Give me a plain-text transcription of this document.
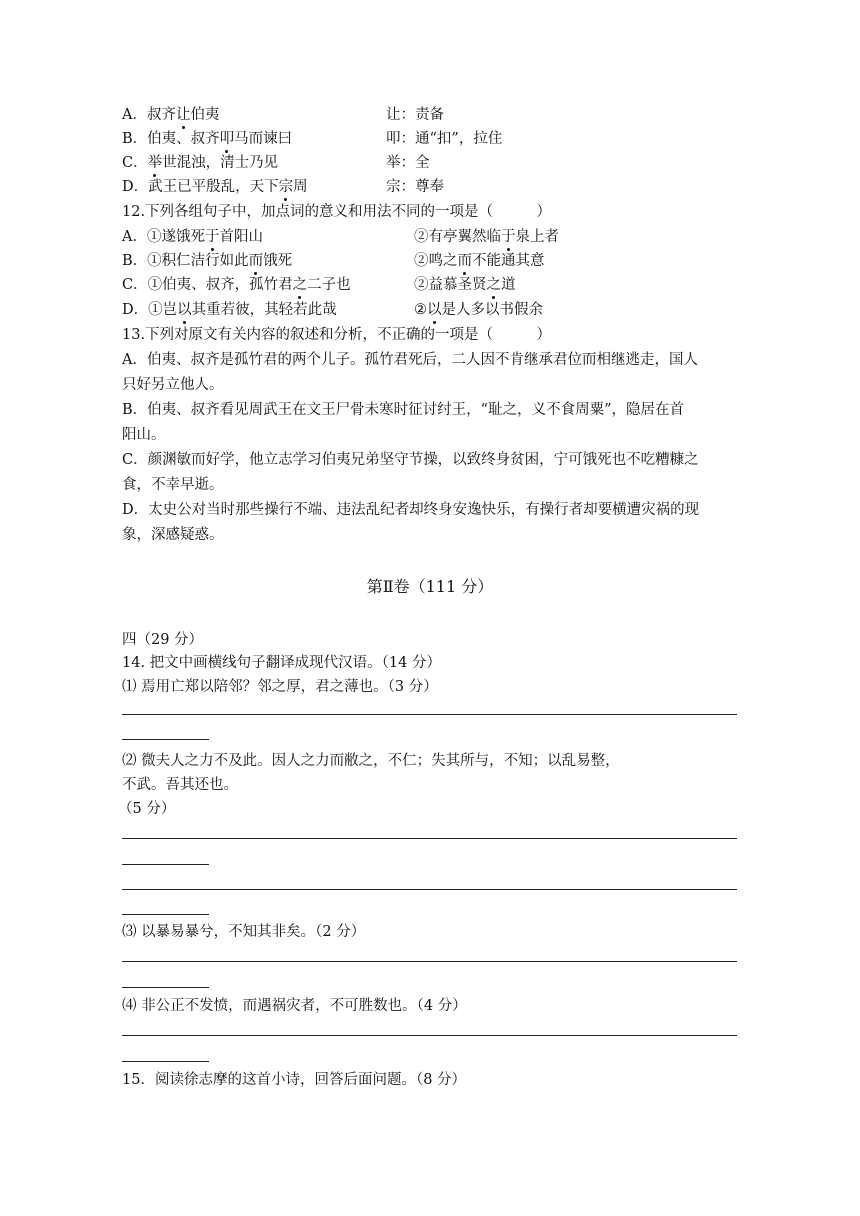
A．叔齐让伯夷	让：责备
B．伯夷、叔齐叩马而谏曰	叩：通“扣”，拉住
C．举世混浊，清士乃见	举：全
D．武王已平殷乱，天下宗周	宗：尊奉
12.下列各组句子中，加点词的意义和用法不同的一项是（　　　）
A．①遂饿死于首阳山	②有亭翼然临于泉上者
B．①积仁洁行如此而饿死	②鸣之而不能通其意
C．①伯夷、叔齐，孤竹君之二子也	②益慕圣贤之道
D．①岂以其重若彼，其轻若此哉	②以是人多以书假余
13.下列对原文有关内容的叙述和分析，不正确的一项是（　　　）
A．伯夷、叔齐是孤竹君的两个儿子。孤竹君死后，二人因不肯继承君位而相继逃走，国人
只好另立他人。
B．伯夷、叔齐看见周武王在文王尸骨未寒时征讨纣王，“耻之，义不食周粟”，隐居在首
阳山。
C．颜渊敏而好学，他立志学习伯夷兄弟坚守节操，以致终身贫困，宁可饿死也不吃糟糠之
食，不幸早逝。
D．太史公对当时那些操行不端、违法乱纪者却终身安逸快乐，有操行者却要横遭灾祸的现
象，深感疑惑。
第Ⅱ卷（111 分）
四（29 分）
14. 把文中画横线句子翻译成现代汉语。（14 分）
⑴ 焉用亡郑以陪邻？邻之厚，君之薄也。（3 分）
⑵ 微夫人之力不及此。因人之力而敝之，不仁；失其所与，不知；以乱易整，
不武。吾其还也。
（5 分）
⑶ 以暴易暴兮，不知其非矣。（2 分）
⑷ 非公正不发愤，而遇祸灾者，不可胜数也。（4 分）
15．阅读徐志摩的这首小诗，回答后面问题。（8 分）
